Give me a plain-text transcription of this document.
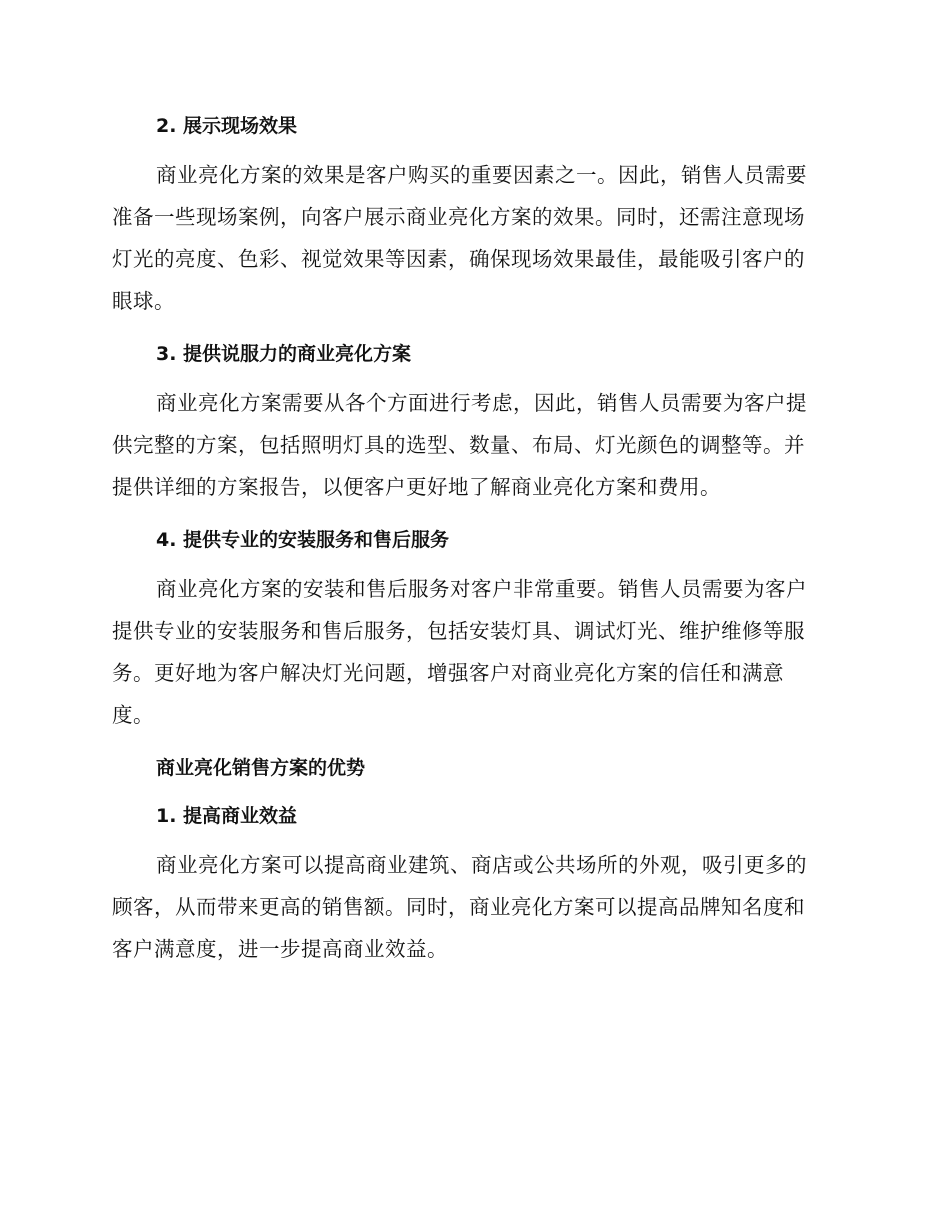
2. 展示现场效果
商业亮化方案的效果是客户购买的重要因素之一。因此，销售人员需要
准备一些现场案例，向客户展示商业亮化方案的效果。同时，还需注意现场
灯光的亮度、色彩、视觉效果等因素，确保现场效果最佳，最能吸引客户的
眼球。
3. 提供说服力的商业亮化方案
商业亮化方案需要从各个方面进行考虑，因此，销售人员需要为客户提
供完整的方案，包括照明灯具的选型、数量、布局、灯光颜色的调整等。并
提供详细的方案报告，以便客户更好地了解商业亮化方案和费用。
4. 提供专业的安装服务和售后服务
商业亮化方案的安装和售后服务对客户非常重要。销售人员需要为客户
提供专业的安装服务和售后服务，包括安装灯具、调试灯光、维护维修等服
务。更好地为客户解决灯光问题，增强客户对商业亮化方案的信任和满意
度。
商业亮化销售方案的优势
1. 提高商业效益
商业亮化方案可以提高商业建筑、商店或公共场所的外观，吸引更多的
顾客，从而带来更高的销售额。同时，商业亮化方案可以提高品牌知名度和
客户满意度，进一步提高商业效益。
